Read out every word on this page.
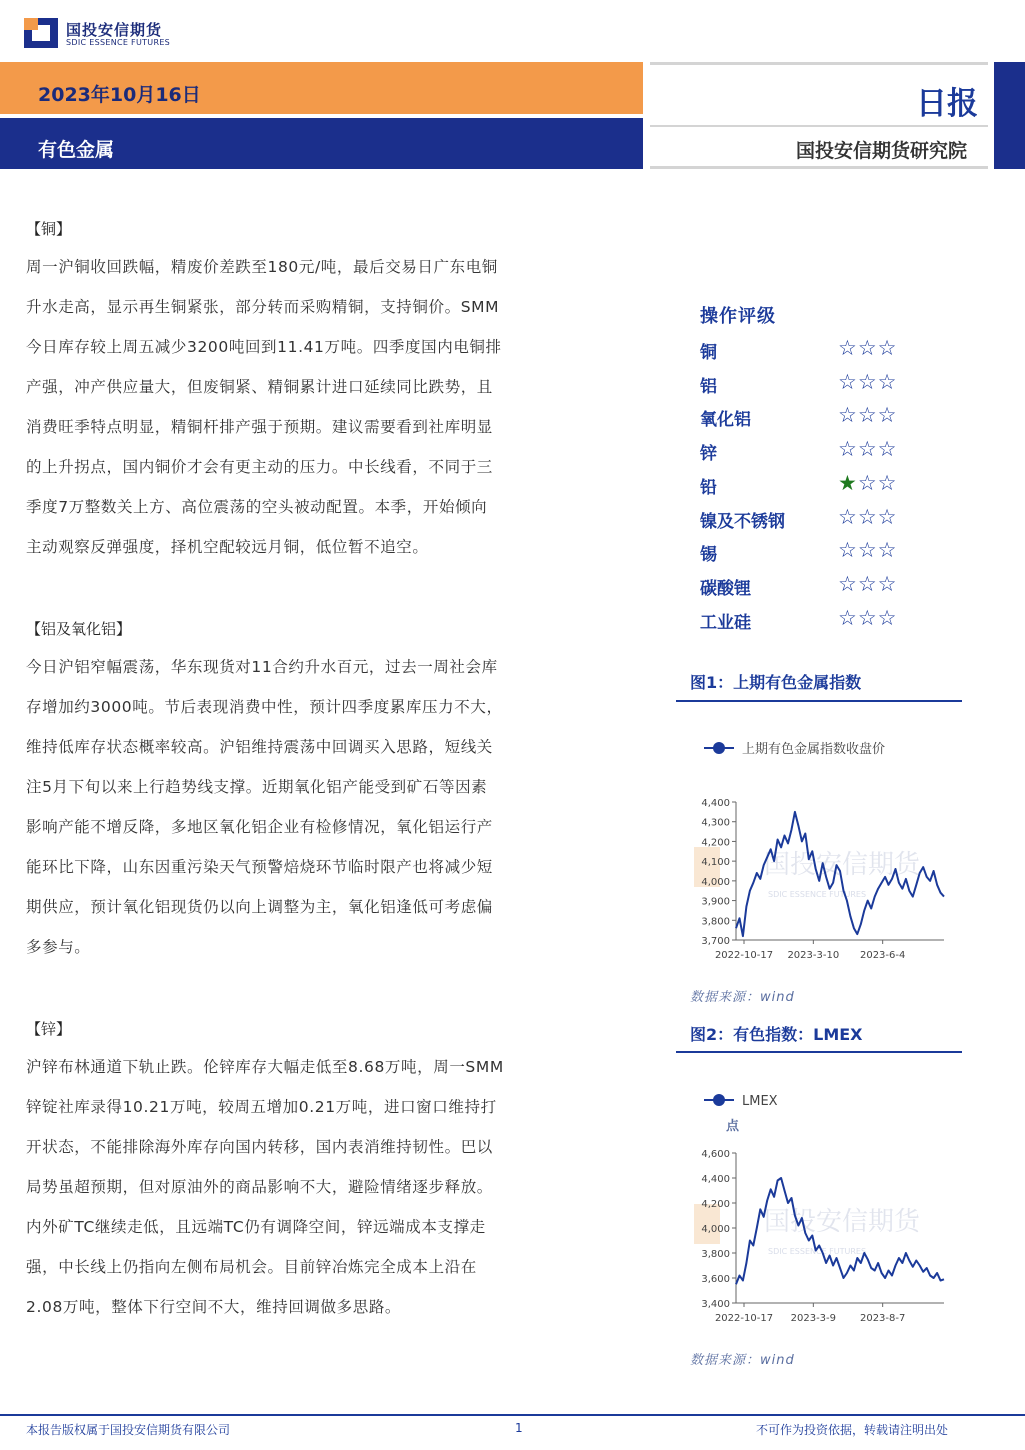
国投安信期货
SDIC ESSENCE FUTURES
2023年10月16日
有色金属
日报
国投安信期货研究院
【铜】
周一沪铜收回跌幅，精废价差跌至180元/吨，最后交易日广东电铜
升水走高，显示再生铜紧张，部分转而采购精铜，支持铜价。SMM
今日库存较上周五减少3200吨回到11.41万吨。四季度国内电铜排
产强，冲产供应量大，但废铜紧、精铜累计进口延续同比跌势，且
消费旺季特点明显，精铜杆排产强于预期。建议需要看到社库明显
的上升拐点，国内铜价才会有更主动的压力。中长线看，不同于三
季度7万整数关上方、高位震荡的空头被动配置。本季，开始倾向
主动观察反弹强度，择机空配较远月铜，低位暂不追空。
【铝及氧化铝】
今日沪铝窄幅震荡，华东现货对11合约升水百元，过去一周社会库
存增加约3000吨。节后表现消费中性，预计四季度累库压力不大，
维持低库存状态概率较高。沪铝维持震荡中回调买入思路，短线关
注5月下旬以来上行趋势线支撑。近期氧化铝产能受到矿石等因素
影响产能不增反降，多地区氧化铝企业有检修情况，氧化铝运行产
能环比下降，山东因重污染天气预警焙烧环节临时限产也将减少短
期供应，预计氧化铝现货仍以向上调整为主，氧化铝逢低可考虑偏
多参与。
【锌】
沪锌布林通道下轨止跌。伦锌库存大幅走低至8.68万吨，周一SMM
锌锭社库录得10.21万吨，较周五增加0.21万吨，进口窗口维持打
开状态，不能排除海外库存向国内转移，国内表消维持韧性。巴以
局势虽超预期，但对原油外的商品影响不大，避险情绪逐步释放。
内外矿TC继续走低，且远端TC仍有调降空间，锌远端成本支撑走
强，中长线上仍指向左侧布局机会。目前锌冶炼完全成本上沿在
2.08万吨，整体下行空间不大，维持回调做多思路。
操作评级
铜	☆☆☆
铝	☆☆☆
氧化铝	☆☆☆
锌	☆☆☆
铅	★☆☆
镍及不锈钢	☆☆☆
锡	☆☆☆
碳酸锂	☆☆☆
工业硅	☆☆☆
图1：上期有色金属指数
上期有色金属指数收盘价
国投安信期货
SDIC ESSENCE FUTURES
3,700
3,800
3,900
4,000
4,100
4,200
4,300
4,400
2022-10-17 2023-3-10 2023-6-4
数据来源：wind
图2：有色指数：LMEX
LMEX
点
国投安信期货
SDIC ESSENCE FUTURES
3,400
3,600
3,800
4,000
4,200
4,400
4,600
2022-10-17 2023-3-9 2023-8-7
数据来源：wind
本报告版权属于国投安信期货有限公司	1	不可作为投资依据，转载请注明出处
